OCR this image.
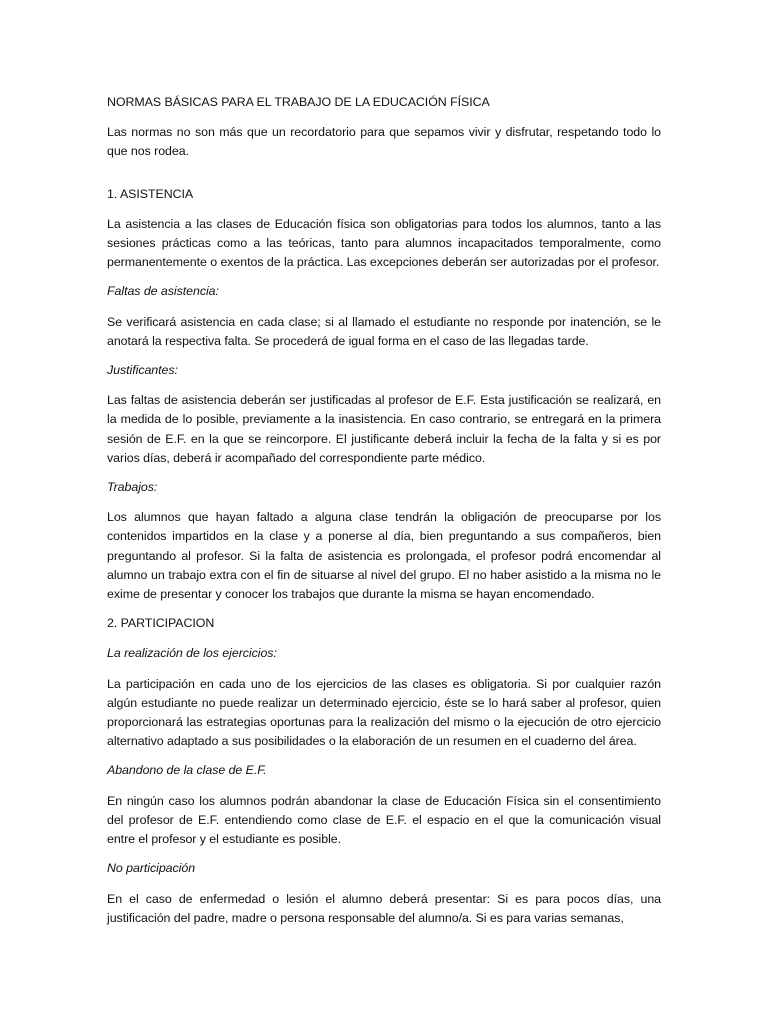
NORMAS BÁSICAS PARA EL TRABAJO DE LA EDUCACIÓN FÍSICA
Las normas no son más que un recordatorio para que sepamos vivir y disfrutar, respetando todo lo que nos rodea.
1. ASISTENCIA
La asistencia a las clases de Educación física son obligatorias para todos los alumnos, tanto a las sesiones prácticas como a las teóricas, tanto para alumnos incapacitados temporalmente, como permanentemente o exentos de la práctica. Las excepciones deberán ser autorizadas por el profesor.
Faltas de asistencia:
Se verificará asistencia en cada clase; si al llamado el estudiante no responde por inatención, se le anotará la respectiva falta. Se procederá de igual forma en el caso de las llegadas tarde.
Justificantes:
Las faltas de asistencia deberán ser justificadas al profesor de E.F. Esta justificación se realizará, en la medida de lo posible, previamente a la inasistencia. En caso contrario, se entregará en la primera sesión de E.F. en la que se reincorpore. El justificante deberá incluir la fecha de la falta y si es por varios días, deberá ir acompañado del correspondiente parte médico.
Trabajos:
Los alumnos que hayan faltado a alguna clase tendrán la obligación de preocuparse por los contenidos impartidos en la clase y a ponerse al día, bien preguntando a sus compañeros, bien preguntando al profesor. Si la falta de asistencia es prolongada, el profesor podrá encomendar al alumno un trabajo extra con el fin de situarse al nivel del grupo. El no haber asistido a la misma no le exime de presentar y conocer los trabajos que durante la misma se hayan encomendado.
2. PARTICIPACION
La realización de los ejercicios:
La participación en cada uno de los ejercicios de las clases es obligatoria. Si por cualquier razón algún estudiante no puede realizar un determinado ejercicio, éste se lo hará saber al profesor, quien proporcionará las estrategias oportunas para la realización del mismo o la ejecución de otro ejercicio alternativo adaptado a sus posibilidades o la elaboración de un resumen en el cuaderno del área.
Abandono de la clase de E.F.
En ningún caso los alumnos podrán abandonar la clase de Educación Física sin el consentimiento del profesor de E.F. entendiendo como clase de E.F. el espacio en el que la comunicación visual entre el profesor y el estudiante es posible.
No participación
En el caso de enfermedad o lesión el alumno deberá presentar: Si es para pocos días, una justificación del padre, madre o persona responsable del alumno/a. Si es para varias semanas,
